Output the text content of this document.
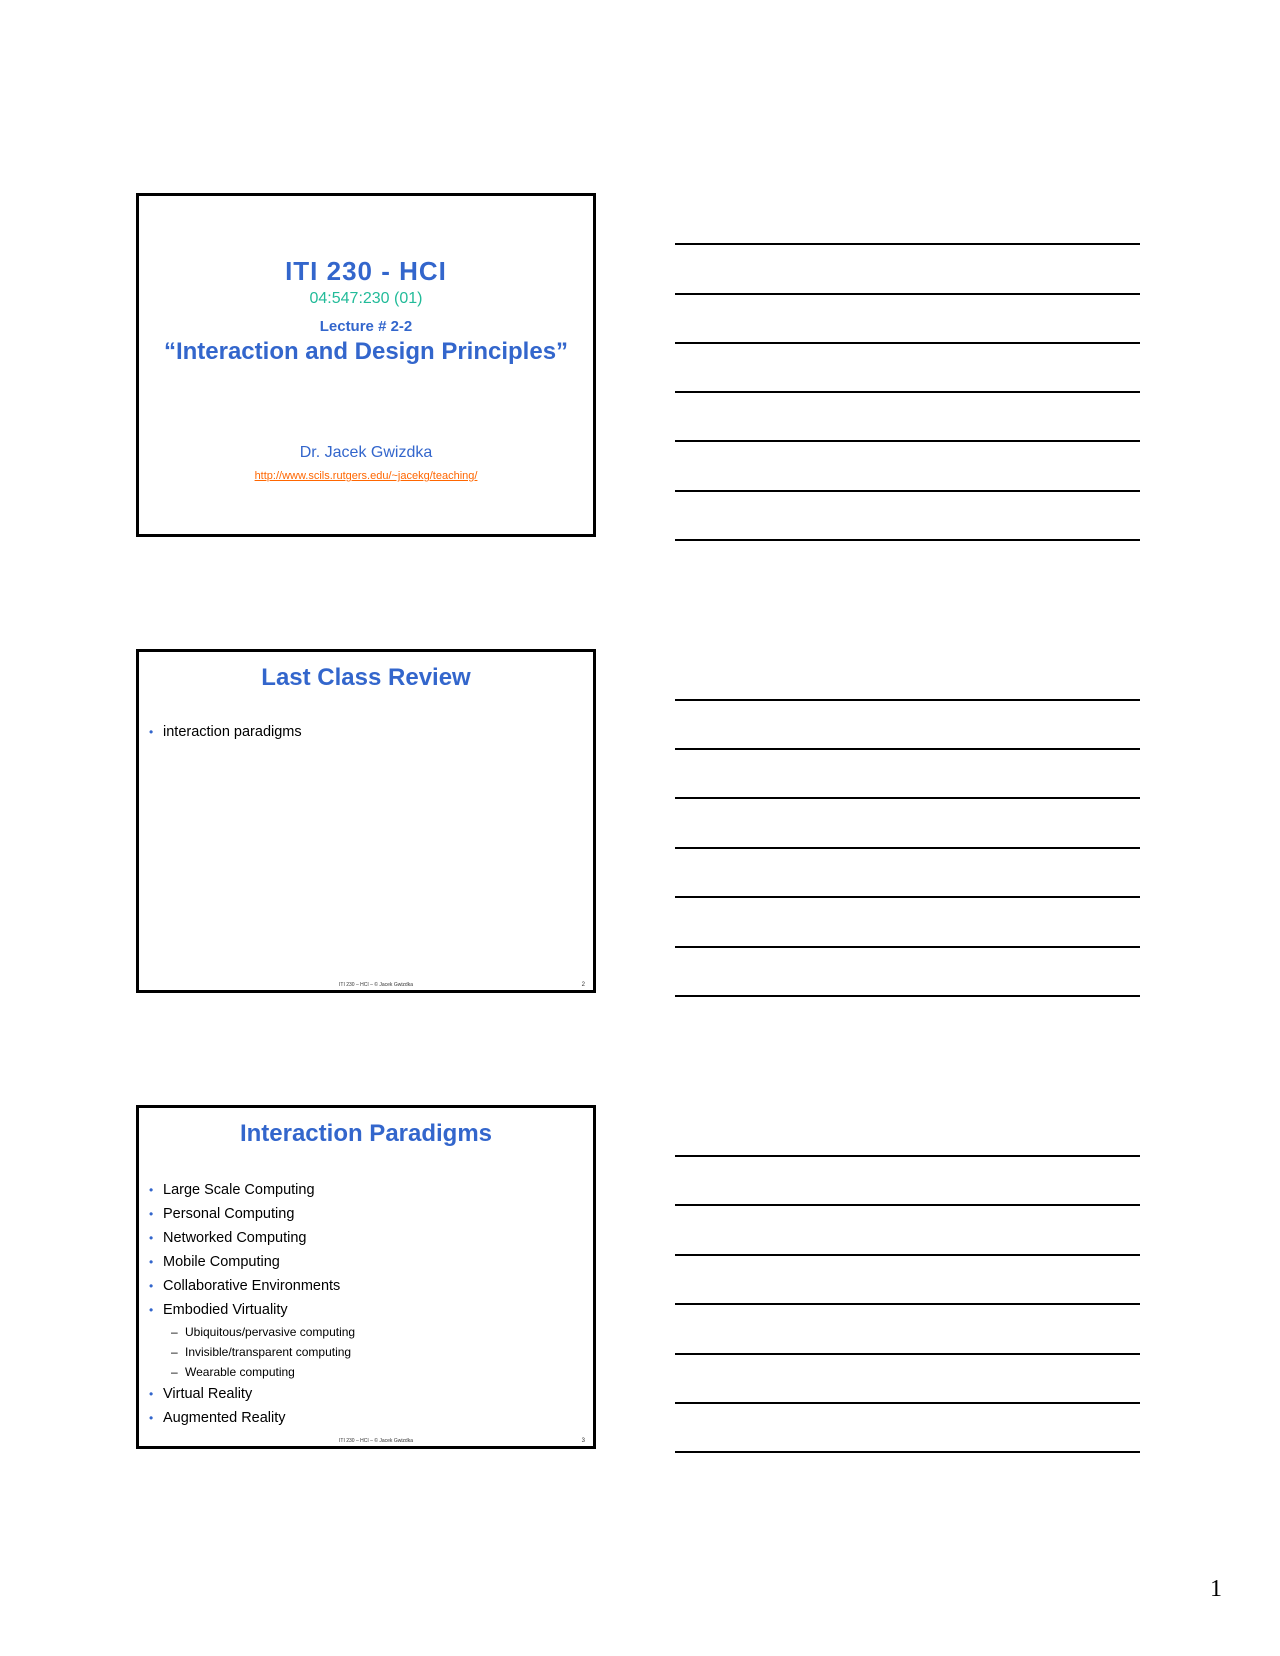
ITI 230 - HCI
04:547:230 (01)
Lecture # 2-2
“Interaction and Design Principles”
Dr. Jacek Gwizdka
http://www.scils.rutgers.edu/~jacekg/teaching/
Last Class Review
• interaction paradigms
ITI 230 – HCI – © Jacek Gwizdka	2
Interaction Paradigms
• Large Scale Computing
• Personal Computing
• Networked Computing
• Mobile Computing
• Collaborative Environments
• Embodied Virtuality
– Ubiquitous/pervasive computing
– Invisible/transparent computing
– Wearable computing
• Virtual Reality
• Augmented Reality
ITI 230 – HCI – © Jacek Gwizdka	3
1
